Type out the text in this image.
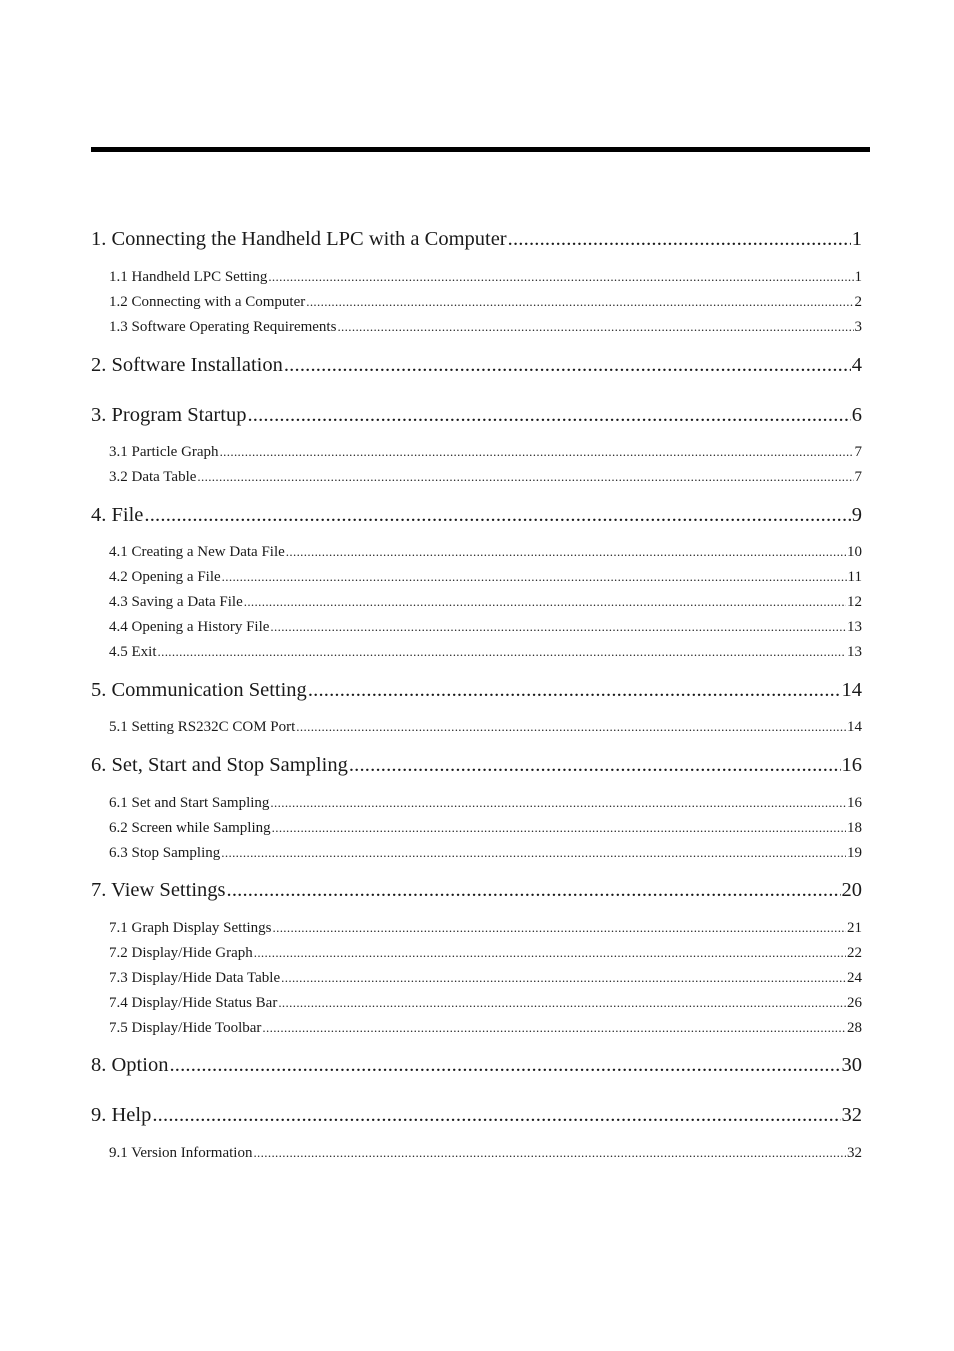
1. Connecting the Handheld LPC with a Computer .....	1
1.1 Handheld LPC Setting .....	1
1.2 Connecting with a Computer .....	2
1.3 Software Operating Requirements .....	3
2. Software Installation .....	4
3. Program Startup .....	6
3.1 Particle Graph .....	7
3.2 Data Table .....	7
4. File .....	9
4.1 Creating a New Data File .....	10
4.2 Opening a File .....	11
4.3 Saving a Data File .....	12
4.4 Opening a History File .....	13
4.5 Exit .....	13
5. Communication Setting .....	14
5.1 Setting RS232C COM Port .....	14
6. Set, Start and Stop Sampling .....	16
6.1 Set and Start Sampling .....	16
6.2 Screen while Sampling .....	18
6.3 Stop Sampling .....	19
7. View Settings .....	20
7.1 Graph Display Settings .....	21
7.2 Display/Hide Graph .....	22
7.3 Display/Hide Data Table .....	24
7.4 Display/Hide Status Bar .....	26
7.5 Display/Hide Toolbar .....	28
8. Option .....	30
9. Help .....	32
9.1 Version Information .....	32
